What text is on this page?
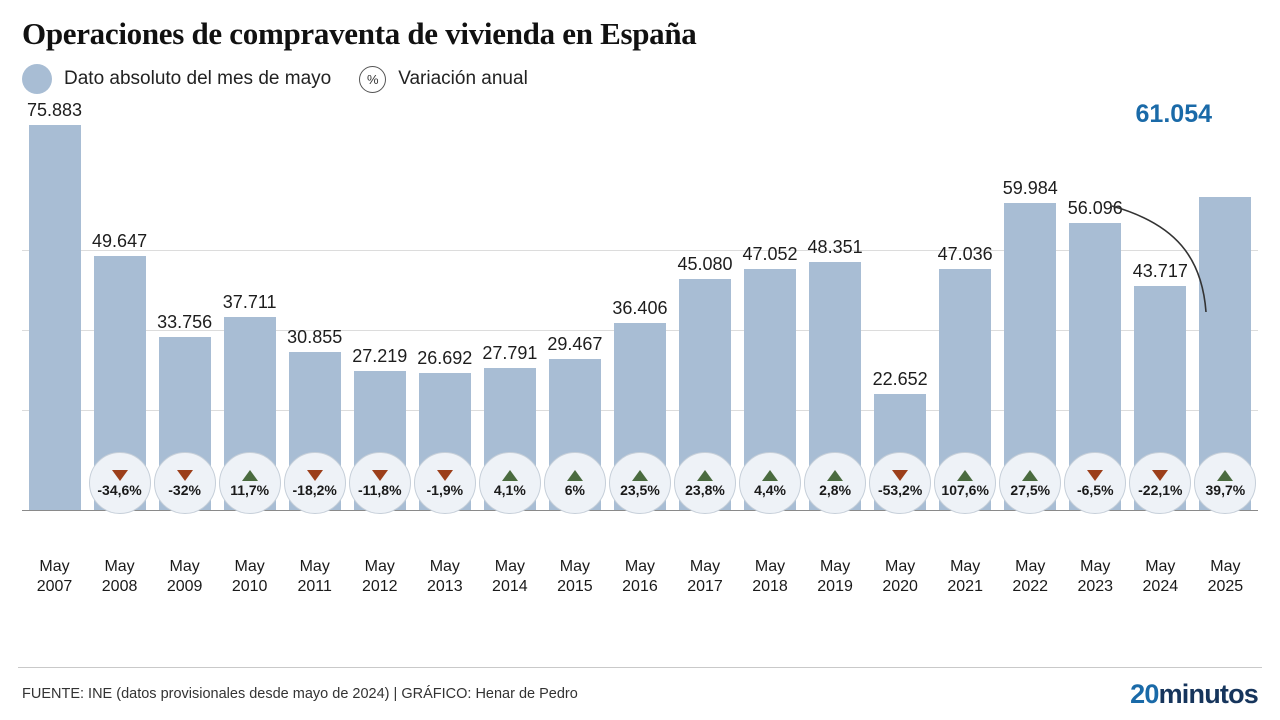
Operaciones de compraventa de vivienda en España
Dato absoluto del mes de mayo	%	Variación anual
75.883
49.647
33.756
37.711
30.855
27.219 26.692 27.791 29.467
36.406
45.080 47.052 48.351
22.652
47.036
59.984
56.096
43.717
-34,6% -32% 11,7% -18,2% -11,8% -1,9% 4,1%	6%	23,5% 23,8% 4,4% 2,8% -53,2% 107,6% 27,5% -6,5% -22,1% 39,7%
May
2007
May
2008
May
2009
May
2010
May
2011
May
2012
May
2013
May
2014
May
2015
May
2016
May
2017
May
2018
May
2019
May
2020
May
2021
May
2022
May
2023
May
2024
May
2025
61.054
FUENTE: INE (datos provisionales desde mayo de 2024) | GRÁFICO: Henar de Pedro	20minutos
